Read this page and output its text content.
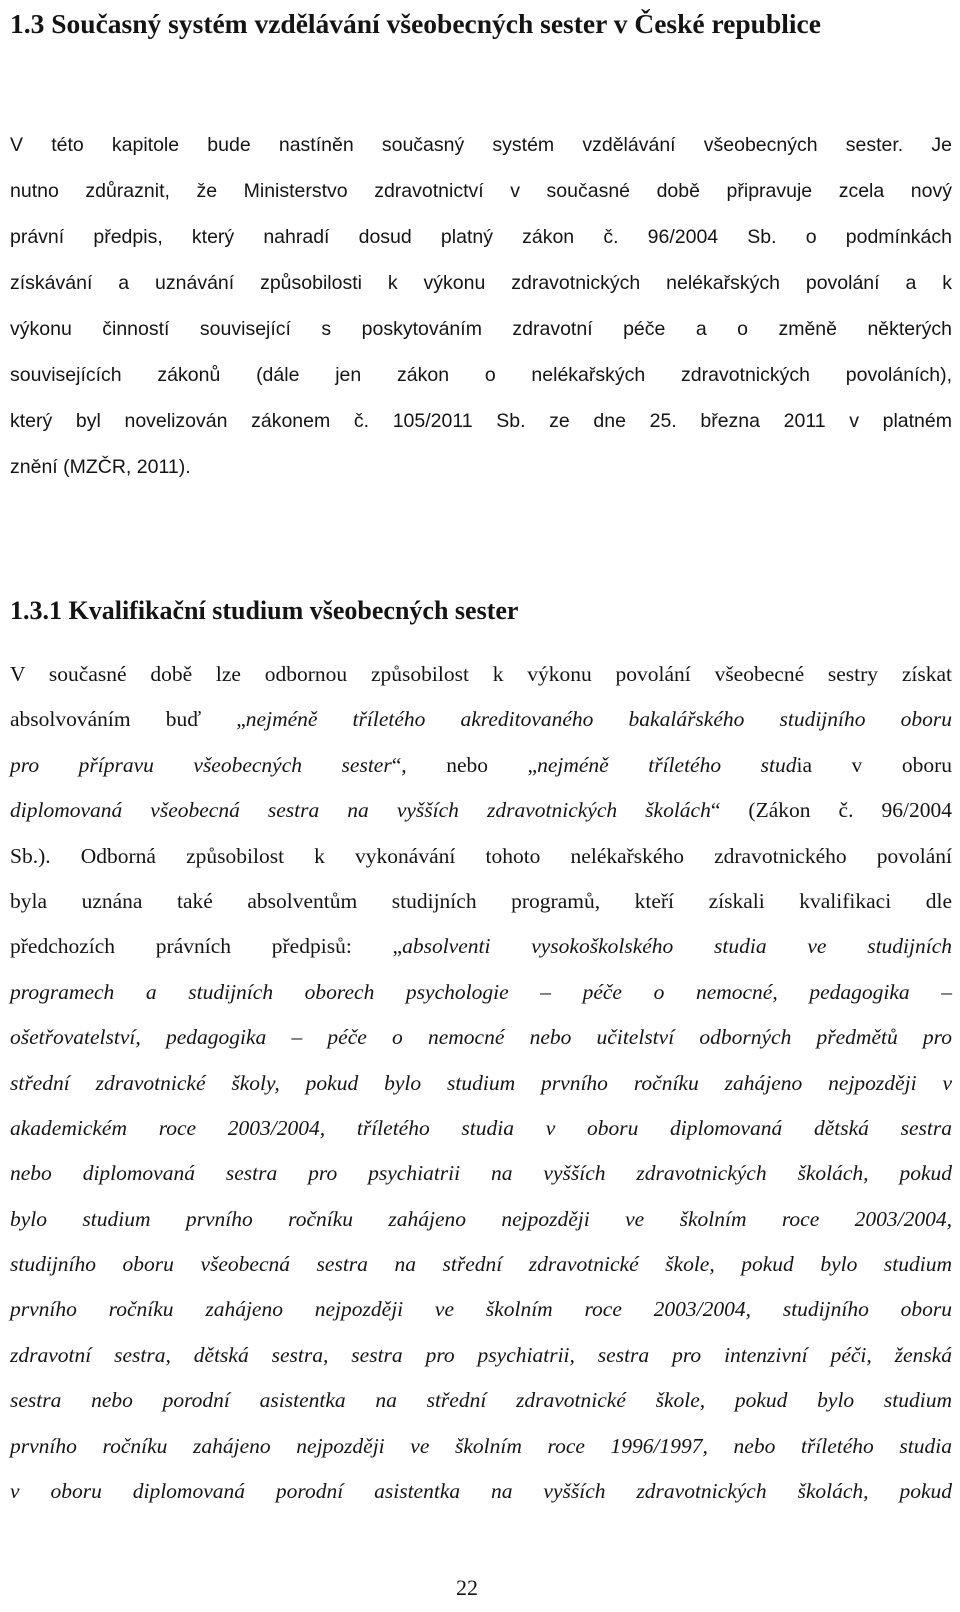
1.3 Současný systém vzdělávání všeobecných sester v České republice

V této kapitole bude nastíněn současný systém vzdělávání všeobecných sester. Je
nutno zdůraznit, že Ministerstvo zdravotnictví v současné době připravuje zcela nový
právní předpis, který nahradí dosud platný zákon č. 96/2004 Sb. o podmínkách
získávání a uznávání způsobilosti k výkonu zdravotnických nelékařských povolání a k
výkonu činností související s poskytováním zdravotní péče a o změně některých
souvisejících zákonů (dále jen zákon o nelékařských zdravotnických povoláních),
který byl novelizován zákonem č. 105/2011 Sb. ze dne 25. března 2011 v platném
znění (MZČR, 2011).

1.3.1 Kvalifikační studium všeobecných sester

V současné době lze odbornou způsobilost k výkonu povolání všeobecné sestry získat
absolvováním buď „nejméně tříletého akreditovaného bakalářského studijního oboru
pro přípravu všeobecných sester“, nebo „nejméně tříletého studia v oboru
diplomovaná všeobecná sestra na vyšších zdravotnických školách“ (Zákon č. 96/2004
Sb.). Odborná způsobilost k vykonávání tohoto nelékařského zdravotnického povolání
byla uznána také absolventům studijních programů, kteří získali kvalifikaci dle
předchozích právních předpisů: „absolventi vysokoškolského studia ve studijních
programech a studijních oborech psychologie – péče o nemocné, pedagogika –
ošetřovatelství, pedagogika – péče o nemocné nebo učitelství odborných předmětů pro
střední zdravotnické školy, pokud bylo studium prvního ročníku zahájeno nejpozději v
akademickém roce 2003/2004, tříletého studia v oboru diplomovaná dětská sestra
nebo diplomovaná sestra pro psychiatrii na vyšších zdravotnických školách, pokud
bylo studium prvního ročníku zahájeno nejpozději ve školním roce 2003/2004,
studijního oboru všeobecná sestra na střední zdravotnické škole, pokud bylo studium
prvního ročníku zahájeno nejpozději ve školním roce 2003/2004, studijního oboru
zdravotní sestra, dětská sestra, sestra pro psychiatrii, sestra pro intenzivní péči, ženská
sestra nebo porodní asistentka na střední zdravotnické škole, pokud bylo studium
prvního ročníku zahájeno nejpozději ve školním roce 1996/1997, nebo tříletého studia
v oboru diplomovaná porodní asistentka na vyšších zdravotnických školách, pokud

22
